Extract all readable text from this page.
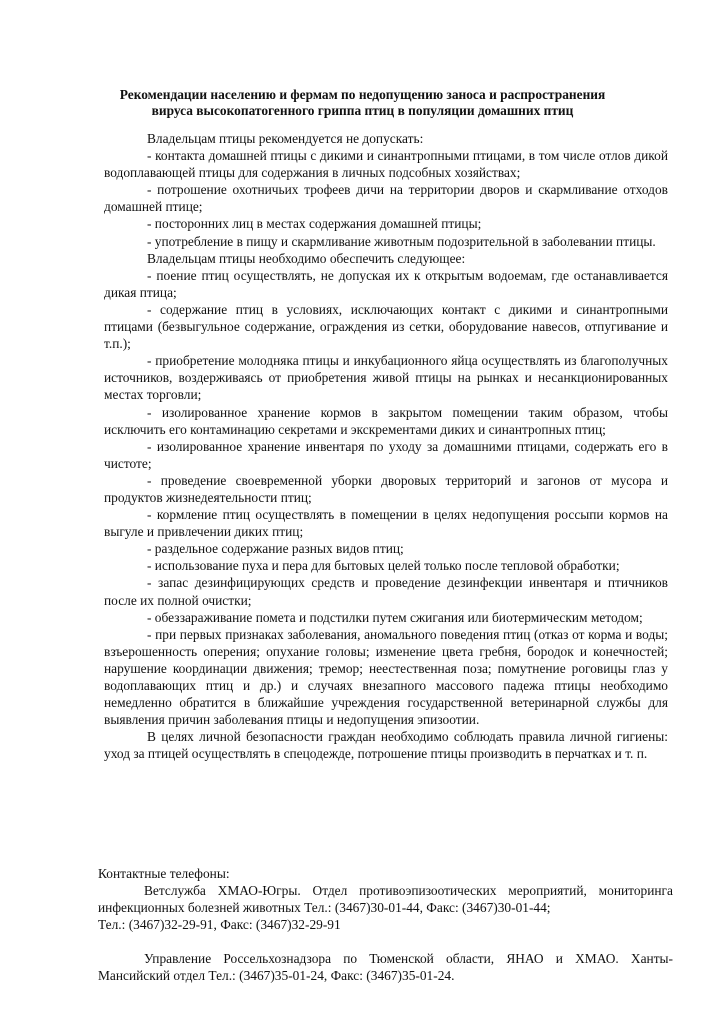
Рекомендации населению и фермам по недопущению заноса и распространения

вируса высокопатогенного гриппа птиц в популяции домашних птиц

Владельцам птицы рекомендуется не допускать:

- контакта домашней птицы с дикими и синантропными птицами, в том числе отлов дикой водоплавающей птицы для содержания в личных подсобных хозяйствах;

- потрошение охотничьих трофеев дичи на территории дворов и скармливание отходов домашней птице;

- посторонних лиц в местах содержания домашней птицы;

- употребление в пищу и скармливание животным подозрительной в заболевании птицы.

Владельцам птицы необходимо обеспечить следующее:

- поение птиц осуществлять, не допуская их к открытым водоемам, где останавливается дикая птица;

- содержание птиц в условиях, исключающих контакт с дикими и синантропными птицами (безвыгульное содержание, ограждения из сетки, оборудование навесов, отпугивание и т.п.);

- приобретение молодняка птицы и инкубационного яйца осуществлять из благополучных источников, воздерживаясь от приобретения живой птицы на рынках и несанкционированных местах торговли;

- изолированное хранение кормов в закрытом помещении таким образом, чтобы исключить его контаминацию секретами и экскрементами диких и синантропных птиц;

- изолированное хранение инвентаря по уходу за домашними птицами, содержать его в чистоте;

- проведение своевременной уборки дворовых территорий и загонов от мусора и продуктов жизнедеятельности птиц;

- кормление птиц осуществлять в помещении в целях недопущения россыпи кормов на выгуле и привлечении диких птиц;

- раздельное содержание разных видов птиц;

- использование пуха и пера для бытовых целей только после тепловой обработки;

- запас дезинфицирующих средств и проведение дезинфекции инвентаря и птичников после их полной очистки;

- обеззараживание помета и подстилки путем сжигания или биотермическим методом;

- при первых признаках заболевания, аномального поведения птиц (отказ от корма и воды; взъерошенность оперения; опухание головы; изменение цвета гребня, бородок и конечностей; нарушение координации движения; тремор; неестественная поза; помутнение роговицы глаз у водоплавающих птиц и др.) и случаях внезапного массового падежа птицы необходимо немедленно обратится в ближайшие учреждения государственной ветеринарной службы для выявления причин заболевания птицы и недопущения эпизоотии.

В целях личной безопасности граждан необходимо соблюдать правила личной гигиены: уход за птицей осуществлять в спецодежде, потрошение птицы производить в перчатках и т. п.

Контактные телефоны:

Ветслужба ХМАО-Югры. Отдел противоэпизоотических мероприятий, мониторинга инфекционных болезней животных Тел.: (3467)30-01-44, Факс: (3467)30-01-44;

Тел.: (3467)32-29-91, Факс: (3467)32-29-91

Управление Россельхознадзора по Тюменской области, ЯНАО и ХМАО. Ханты-Мансийский отдел Тел.: (3467)35-01-24, Факс: (3467)35-01-24.
